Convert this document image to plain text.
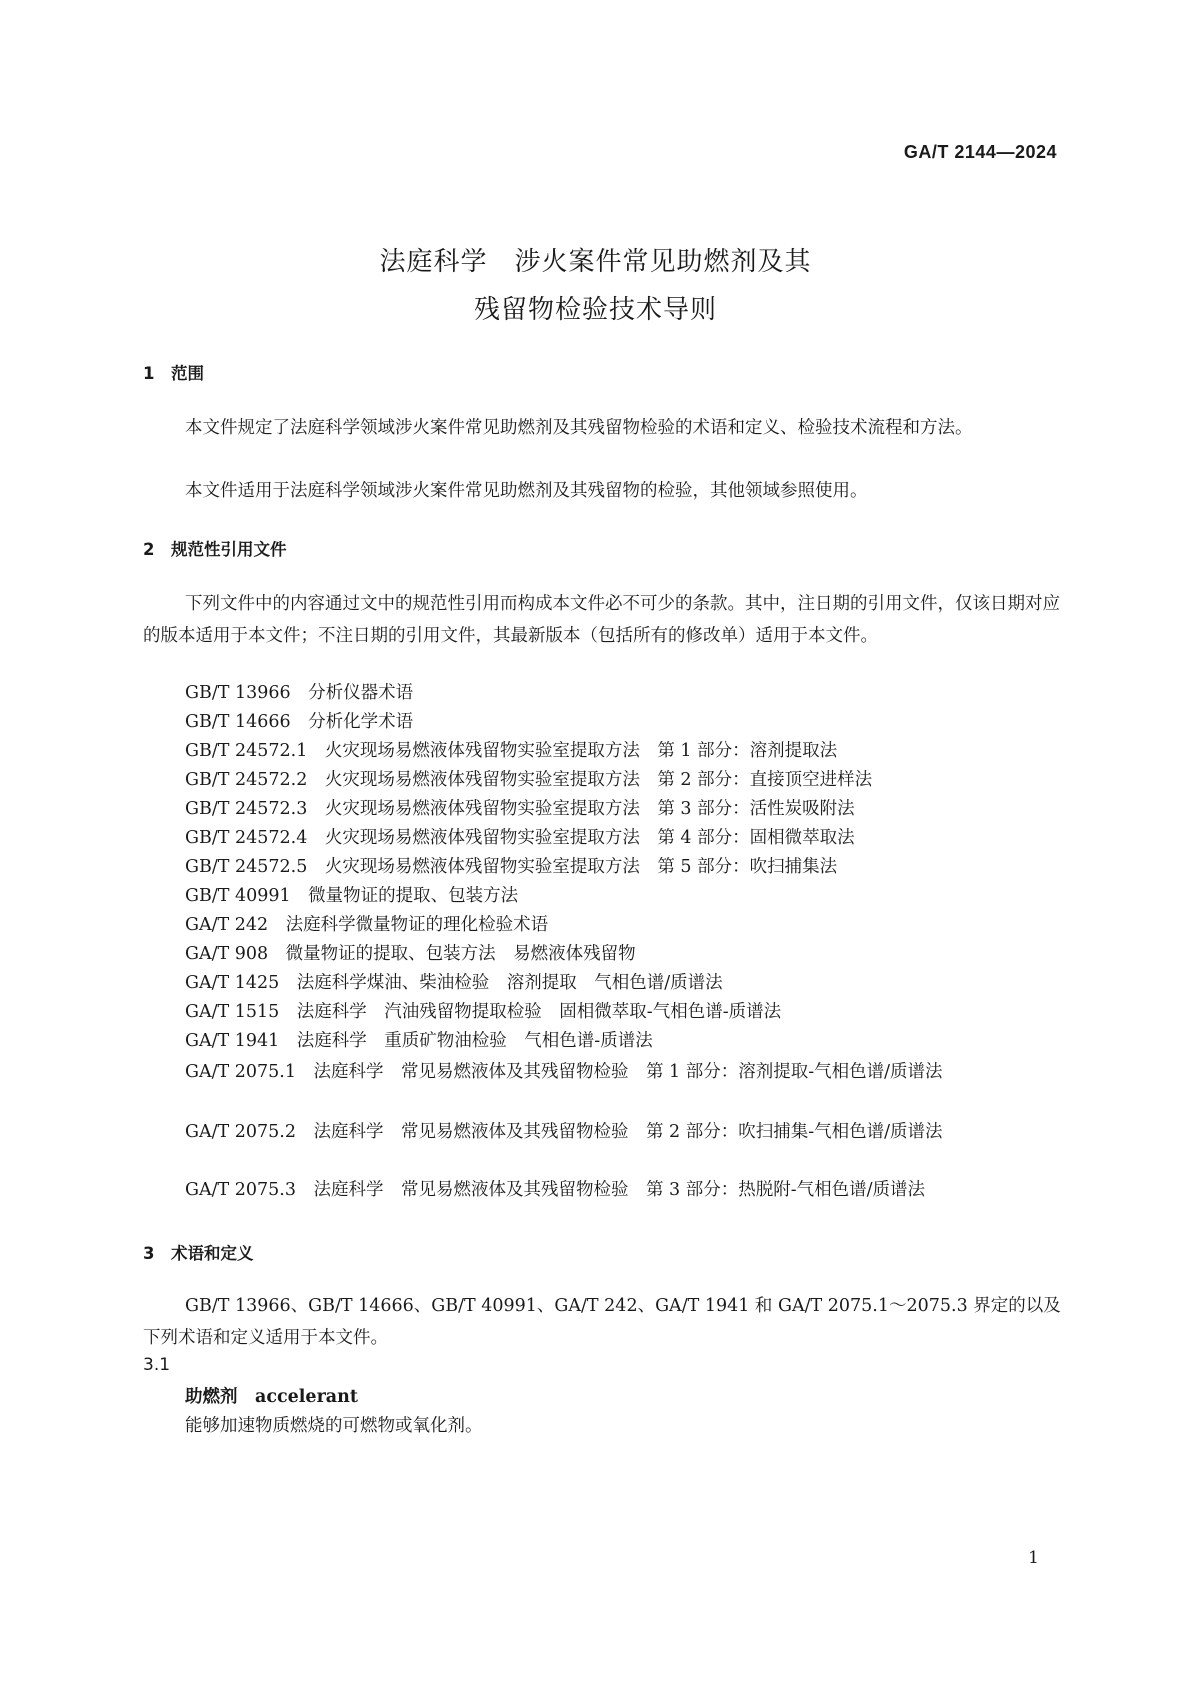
GA/T 2144—2024
法庭科学　涉火案件常见助燃剂及其
残留物检验技术导则
1　范围

本文件规定了法庭科学领域涉火案件常见助燃剂及其残留物检验的术语和定义、检验技术流程和方法。

本文件适用于法庭科学领域涉火案件常见助燃剂及其残留物的检验，其他领域参照使用。

2　规范性引用文件

下列文件中的内容通过文中的规范性引用而构成本文件必不可少的条款。其中，注日期的引用文件，仅该日期对应的版本适用于本文件；不注日期的引用文件，其最新版本（包括所有的修改单）适用于本文件。

GB/T 13966　分析仪器术语
GB/T 14666　分析化学术语
GB/T 24572.1　火灾现场易燃液体残留物实验室提取方法　第 1 部分：溶剂提取法
GB/T 24572.2　火灾现场易燃液体残留物实验室提取方法　第 2 部分：直接顶空进样法
GB/T 24572.3　火灾现场易燃液体残留物实验室提取方法　第 3 部分：活性炭吸附法
GB/T 24572.4　火灾现场易燃液体残留物实验室提取方法　第 4 部分：固相微萃取法
GB/T 24572.5　火灾现场易燃液体残留物实验室提取方法　第 5 部分：吹扫捕集法
GB/T 40991　微量物证的提取、包装方法
GA/T 242　法庭科学微量物证的理化检验术语
GA/T 908　微量物证的提取、包装方法　易燃液体残留物
GA/T 1425　法庭科学煤油、柴油检验　溶剂提取　气相色谱/质谱法
GA/T 1515　法庭科学　汽油残留物提取检验　固相微萃取-气相色谱-质谱法
GA/T 1941　法庭科学　重质矿物油检验　气相色谱-质谱法

GA/T 2075.1　法庭科学　常见易燃液体及其残留物检验　第 1 部分：溶剂提取-气相色谱/质谱法

GA/T 2075.2　法庭科学　常见易燃液体及其残留物检验　第 2 部分：吹扫捕集-气相色谱/质谱法

GA/T 2075.3　法庭科学　常见易燃液体及其残留物检验　第 3 部分：热脱附-气相色谱/质谱法
3　术语和定义

GB/T 13966、GB/T 14666、GB/T 40991、GA/T 242、GA/T 1941 和 GA/T 2075.1～2075.3 界定的以及下列术语和定义适用于本文件。

3.1
助燃剂　accelerant
能够加速物质燃烧的可燃物或氧化剂。
1
